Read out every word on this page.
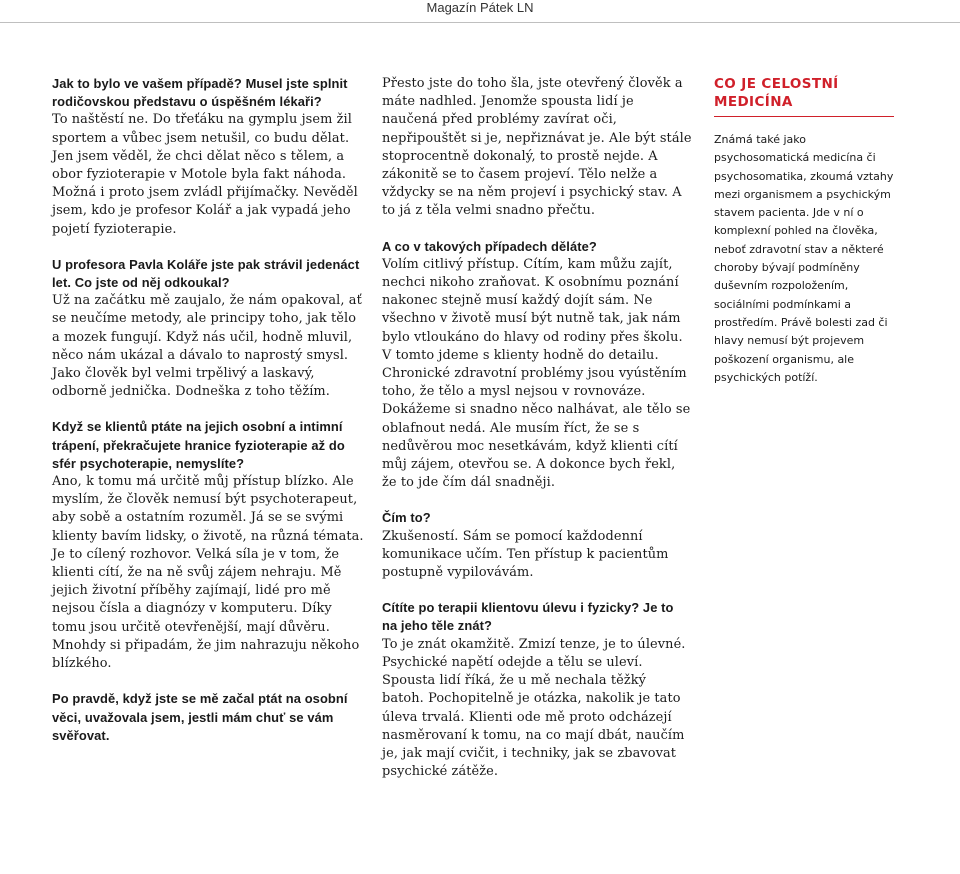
Magazín Pátek LN

Jak to bylo ve vašem případě? Musel jste splnit rodičovskou představu o úspěšném lékaři?

To naštěstí ne. Do třeťáku na gymplu jsem žil sportem a vůbec jsem netušil, co budu dělat. Jen jsem věděl, že chci dělat něco s tělem, a obor fyzioterapie v Motole byla fakt náhoda. Možná i proto jsem zvládl přijímačky. Nevěděl jsem, kdo je profesor Kolář a jak vypadá jeho pojetí fyzioterapie.

U profesora Pavla Koláře jste pak strávil jedenáct let. Co jste od něj odkoukal?

Už na začátku mě zaujalo, že nám opakoval, ať se neučíme metody, ale principy toho, jak tělo a mozek fungují. Když nás učil, hodně mluvil, něco nám ukázal a dávalo to naprostý smysl. Jako člověk byl velmi trpělivý a laskavý, odborně jednička. Dodneška z toho těžím.

Když se klientů ptáte na jejich osobní a intimní trápení, překračujete hranice fyzioterapie až do sfér psychoterapie, nemyslíte?

Ano, k tomu má určitě můj přístup blízko. Ale myslím, že člověk nemusí být psychoterapeut, aby sobě a ostatním rozuměl. Já se se svými klienty bavím lidsky, o životě, na různá témata. Je to cílený rozhovor. Velká síla je v tom, že klienti cítí, že na ně svůj zájem nehraju. Mě jejich životní příběhy zajímají, lidé pro mě nejsou čísla a diagnózy v komputeru. Díky tomu jsou určitě otevřenější, mají důvěru. Mnohdy si připadám, že jim nahrazuju někoho blízkého.

Po pravdě, když jste se mě začal ptát na osobní věci, uvažovala jsem, jestli mám chuť se vám svěřovat.

Přesto jste do toho šla, jste otevřený člověk a máte nadhled. Jenomže spousta lidí je naučená před problémy zavírat oči, nepřipouštět si je, nepřiznávat je. Ale být stále stoprocentně dokonalý, to prostě nejde. A zákonitě se to časem projeví. Tělo nelže a vždycky se na něm projeví i psychický stav. A to já z těla velmi snadno přečtu.

A co v takových případech děláte?

Volím citlivý přístup. Cítím, kam můžu zajít, nechci nikoho zraňovat. K osobnímu poznání nakonec stejně musí každý dojít sám. Ne všechno v životě musí být nutně tak, jak nám bylo vtloukáno do hlavy od rodiny přes školu. V tomto jdeme s klienty hodně do detailu. Chronické zdravotní problémy jsou vyústěním toho, že tělo a mysl nejsou v rovnováze. Dokážeme si snadno něco nalhávat, ale tělo se oblafnout nedá. Ale musím říct, že se s nedůvěrou moc nesetkávám, když klienti cítí můj zájem, otevřou se. A dokonce bych řekl, že to jde čím dál snadněji.

Čím to?

Zkušeností. Sám se pomocí každodenní komunikace učím. Ten přístup k pacientům postupně vypilovávám.

Cítíte po terapii klientovu úlevu i fyzicky? Je to na jeho těle znát?

To je znát okamžitě. Zmizí tenze, je to úlevné. Psychické napětí odejde a tělu se uleví. Spousta lidí říká, že u mě nechala těžký batoh. Pochopitelně je otázka, nakolik je tato úleva trvalá. Klienti ode mě proto odcházejí nasměrovaní k tomu, na co mají dbát, naučím je, jak mají cvičit, i techniky, jak se zbavovat psychické zátěže.

CO JE CELOSTNÍ MEDICÍNA
Známá také jako psychosomatická medicína či psychosomatika, zkoumá vztahy mezi organismem a psychickým stavem pacienta. Jde v ní o komplexní pohled na člověka, neboť zdravotní stav a některé choroby bývají podmíněny duševním rozpoložením, sociálními podmínkami a prostředím. Právě bolesti zad či hlavy nemusí být projevem poškození organismu, ale psychických potíží.
